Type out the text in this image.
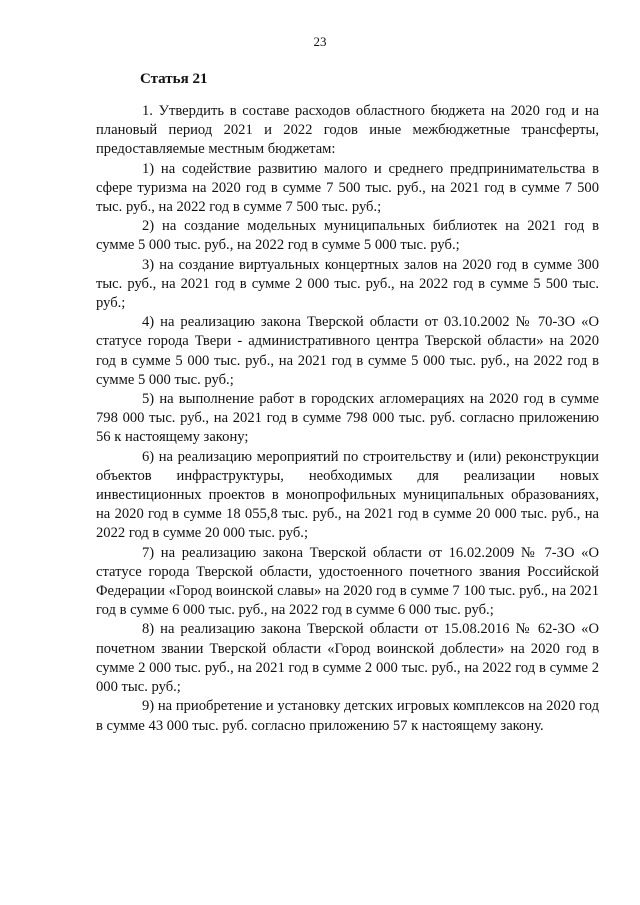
23
Статья 21

1. Утвердить в составе расходов областного бюджета на 2020 год и на плановый период 2021 и 2022 годов иные межбюджетные трансферты, предоставляемые местным бюджетам:

1) на содействие развитию малого и среднего предпринимательства в сфере туризма на 2020 год в сумме 7 500 тыс. руб., на 2021 год в сумме 7 500 тыс. руб., на 2022 год в сумме 7 500 тыс. руб.;

2) на создание модельных муниципальных библиотек на 2021 год в сумме 5 000 тыс. руб., на 2022 год в сумме 5 000 тыс. руб.;

3) на создание виртуальных концертных залов на 2020 год в сумме 300 тыс. руб., на 2021 год в сумме 2 000 тыс. руб., на 2022 год в сумме 5 500 тыс. руб.;

4) на реализацию закона Тверской области от 03.10.2002 № 70-ЗО «О статусе города Твери - административного центра Тверской области» на 2020 год в сумме 5 000 тыс. руб., на 2021 год в сумме 5 000 тыс. руб., на 2022 год в сумме 5 000 тыс. руб.;

5) на выполнение работ в городских агломерациях на 2020 год в сумме 798 000 тыс. руб., на 2021 год в сумме 798 000 тыс. руб. согласно приложению 56 к настоящему закону;

6) на реализацию мероприятий по строительству и (или) реконструкции объектов инфраструктуры, необходимых для реализации новых инвестиционных проектов в монопрофильных муниципальных образованиях, на 2020 год в сумме 18 055,8 тыс. руб., на 2021 год в сумме 20 000 тыс. руб., на 2022 год в сумме 20 000 тыс. руб.;

7) на реализацию закона Тверской области от 16.02.2009 № 7-ЗО «О статусе города Тверской области, удостоенного почетного звания Российской Федерации «Город воинской славы» на 2020 год в сумме 7 100 тыс. руб., на 2021 год в сумме 6 000 тыс. руб., на 2022 год в сумме 6 000 тыс. руб.;

8) на реализацию закона Тверской области от 15.08.2016 № 62-ЗО «О почетном звании Тверской области «Город воинской доблести» на 2020 год в сумме 2 000 тыс. руб., на 2021 год в сумме 2 000 тыс. руб., на 2022 год в сумме 2 000 тыс. руб.;

9) на приобретение и установку детских игровых комплексов на 2020 год в сумме 43 000 тыс. руб. согласно приложению 57 к настоящему закону.
